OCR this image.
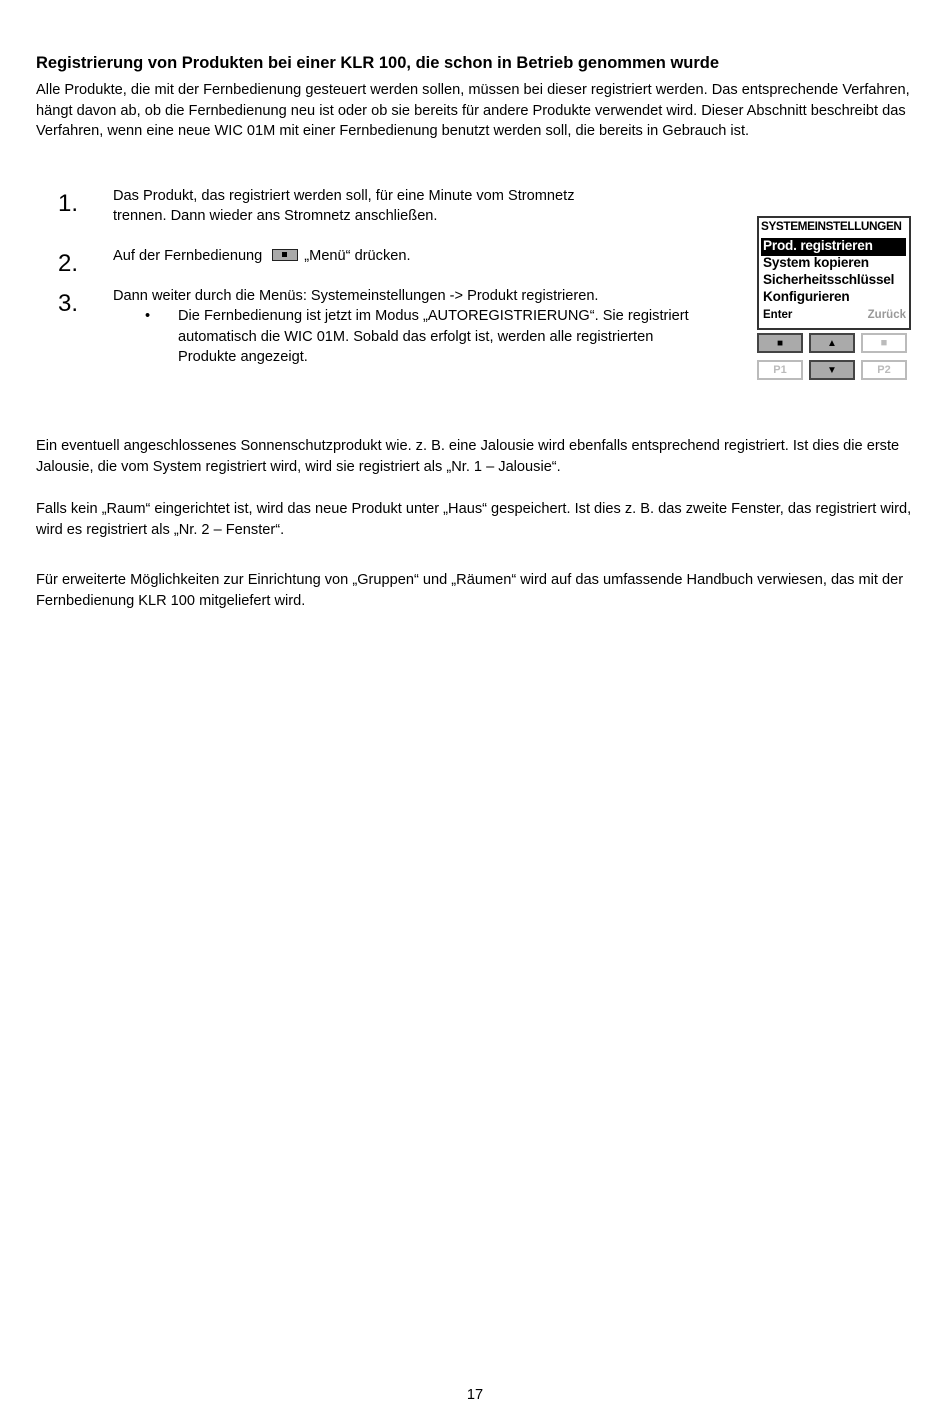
Registrierung von Produkten bei einer KLR 100, die schon in Betrieb genommen wurde
Alle Produkte, die mit der Fernbedienung gesteuert werden sollen, müssen bei dieser registriert werden. Das entsprechende Verfahren, hängt davon ab, ob die Fernbedienung neu ist oder ob sie bereits für andere Produkte verwendet wird. Dieser Abschnitt beschreibt das Verfahren, wenn eine neue WIC 01M mit einer Fernbedienung benutzt werden soll, die bereits in Gebrauch ist.
1. Das Produkt, das registriert werden soll, für eine Minute vom Stromnetz
trennen. Dann wieder ans Stromnetz anschließen.
2. Auf der Fernbedienung	„Menü“ drücken.
3. Dann weiter durch die Menüs: Systemeinstellungen -> Produkt registrieren.
• Die Fernbedienung ist jetzt im Modus „AUTOREGISTRIERUNG“. Sie registriert automatisch die WIC 01M. Sobald das erfolgt ist, werden alle registrierten Produkte angezeigt.
SYSTEMEINSTELLUNGEN
Prod. registrieren
System kopieren
Sicherheitsschlüssel
Konfigurieren
Enter	Zurück
■	▲	■
P1	▼	P2
Ein eventuell angeschlossenes Sonnenschutzprodukt wie. z. B. eine Jalousie wird ebenfalls entsprechend registriert. Ist dies die erste Jalousie, die vom System registriert wird, wird sie registriert als „Nr. 1 – Jalousie“.
Falls kein „Raum“ eingerichtet ist, wird das neue Produkt unter „Haus“ gespeichert. Ist dies z. B. das zweite Fenster, das registriert wird, wird es registriert als „Nr. 2 – Fenster“.
Für erweiterte Möglichkeiten zur Einrichtung von „Gruppen“ und „Räumen“ wird auf das umfassende Handbuch verwiesen, das mit der Fernbedienung KLR 100 mitgeliefert wird.
17
